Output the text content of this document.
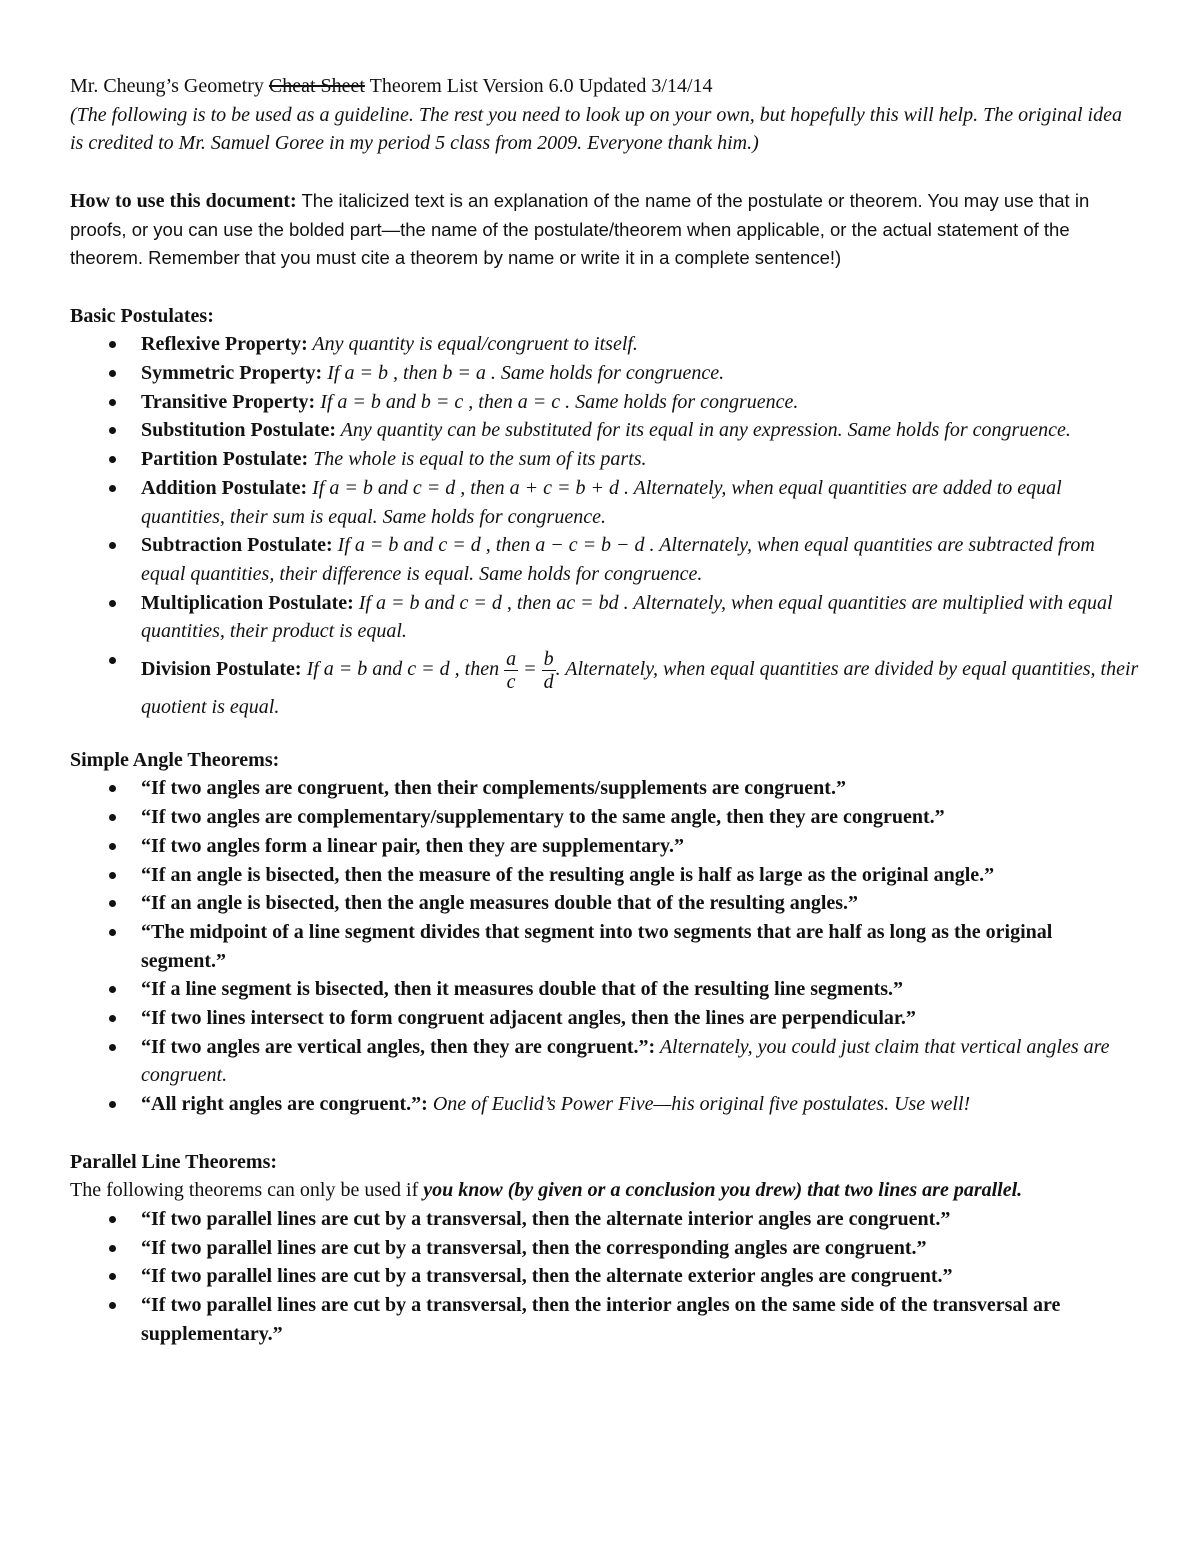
Mr. Cheung’s Geometry Cheat Sheet Theorem List Version 6.0 Updated 3/14/14

(The following is to be used as a guideline. The rest you need to look up on your own, but hopefully this will help. The original idea is credited to Mr. Samuel Goree in my period 5 class from 2009. Everyone thank him.)

How to use this document: The italicized text is an explanation of the name of the postulate or theorem. You may use that in proofs, or you can use the bolded part—the name of the postulate/theorem when applicable, or the actual statement of the theorem. Remember that you must cite a theorem by name or write it in a complete sentence!)

Basic Postulates:
Reflexive Property: Any quantity is equal/congruent to itself.
Symmetric Property: If a = b , then b = a . Same holds for congruence.
Transitive Property: If a = b and b = c , then a = c . Same holds for congruence.
Substitution Postulate: Any quantity can be substituted for its equal in any expression. Same holds for congruence.
Partition Postulate: The whole is equal to the sum of its parts.
Addition Postulate: If a = b and c = d , then a + c = b + d . Alternately, when equal quantities are added to equal quantities, their sum is equal. Same holds for congruence.
Subtraction Postulate: If a = b and c = d , then a − c = b − d . Alternately, when equal quantities are subtracted from equal quantities, their difference is equal. Same holds for congruence.
Multiplication Postulate: If a = b and c = d , then ac = bd . Alternately, when equal quantities are multiplied with equal quantities, their product is equal.
Division Postulate: If a = b and c = d , then $\frac{a}{c} = \frac{b}{d}$ . Alternately, when equal quantities are divided by equal quantities, their quotient is equal.
Simple Angle Theorems:
“If two angles are congruent, then their complements/supplements are congruent.”
“If two angles are complementary/supplementary to the same angle, then they are congruent.”
“If two angles form a linear pair, then they are supplementary.”
“If an angle is bisected, then the measure of the resulting angle is half as large as the original angle.”
“If an angle is bisected, then the angle measures double that of the resulting angles.”
“The midpoint of a line segment divides that segment into two segments that are half as long as the original segment.”
“If a line segment is bisected, then it measures double that of the resulting line segments.”
“If two lines intersect to form congruent adjacent angles, then the lines are perpendicular.”
“If two angles are vertical angles, then they are congruent.”: Alternately, you could just claim that vertical angles are congruent.
“All right angles are congruent.”: One of Euclid’s Power Five—his original five postulates. Use well!
Parallel Line Theorems:

The following theorems can only be used if you know (by given or a conclusion you drew) that two lines are parallel.

“If two parallel lines are cut by a transversal, then the alternate interior angles are congruent.”
“If two parallel lines are cut by a transversal, then the corresponding angles are congruent.”
“If two parallel lines are cut by a transversal, then the alternate exterior angles are congruent.”
“If two parallel lines are cut by a transversal, then the interior angles on the same side of the transversal are supplementary.”
